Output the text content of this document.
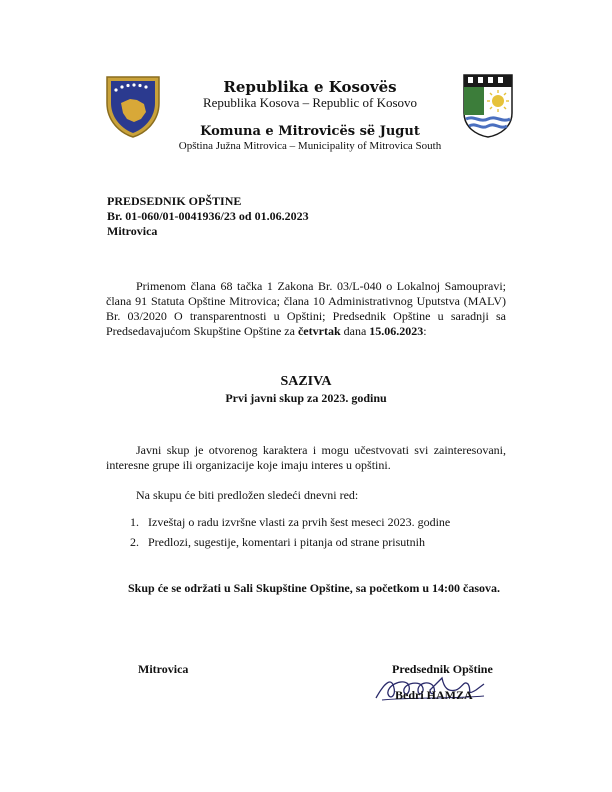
Republika e Kosovës
Republika Kosova – Republic of Kosovo
Komuna e Mitrovicës së Jugut
Opština Južna Mitrovica – Municipality of Mitrovica South
PREDSEDNIK OPŠTINE
Br. 01-060/01-0041936/23 od 01.06.2023
Mitrovica
Primenom člana 68 tačka 1 Zakona Br. 03/L-040 o Lokalnoj Samoupravi; člana 91 Statuta Opštine Mitrovica; člana 10 Administrativnog Uputstva (MALV) Br. 03/2020 O transparentnosti u Opštini; Predsednik Opštine u saradnji sa Predsedavajućom Skupštine Opštine za četvrtak dana 15.06.2023:
SAZIVA
Prvi javni skup za 2023. godinu
Javni skup je otvorenog karaktera i mogu učestvovati svi zainteresovani, interesne grupe ili organizacije koje imaju interes u opštini.
Na skupu će biti predložen sledeći dnevni red:
1. Izveštaj o radu izvršne vlasti za prvih šest meseci 2023. godine
2. Predlozi, sugestije, komentari i pitanja od strane prisutnih
Skup će se održati u Sali Skupštine Opštine, sa početkom u 14:00 časova.
Mitrovica	Predsednik Opštine
Bedri HAMZA
